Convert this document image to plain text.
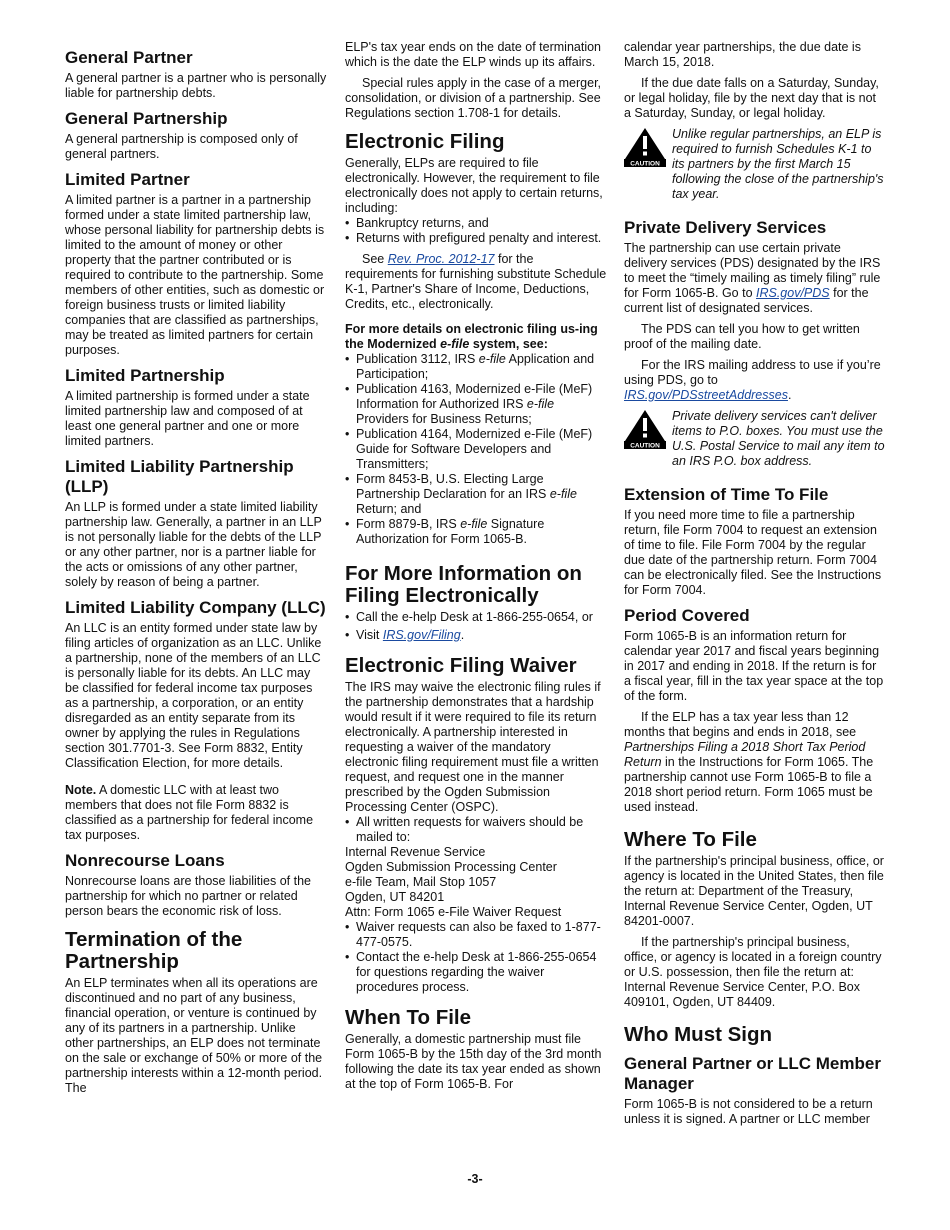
General Partner

A general partner is a partner who is personally liable for partnership debts.

General Partnership

A general partnership is composed only of general partners.

Limited Partner

A limited partner is a partner in a partnership formed under a state limited partnership law, whose personal liability for partnership debts is limited to the amount of money or other property that the partner contributed or is required to contribute to the partnership. Some members of other entities, such as domestic or foreign business trusts or limited liability companies that are classified as partnerships, may be treated as limited partners for certain purposes.

Limited Partnership

A limited partnership is formed under a state limited partnership law and composed of at least one general partner and one or more limited partners.

Limited Liability Partnership (LLP)

An LLP is formed under a state limited liability partnership law. Generally, a partner in an LLP is not personally liable for the debts of the LLP or any other partner, nor is a partner liable for the acts or omissions of any other partner, solely by reason of being a partner.

Limited Liability Company (LLC)

An LLC is an entity formed under state law by filing articles of organization as an LLC. Unlike a partnership, none of the members of an LLC is personally liable for its debts. An LLC may be classified for federal income tax purposes as a partnership, a corporation, or an entity disregarded as an entity separate from its owner by applying the rules in Regulations section 301.7701-3. See Form 8832, Entity Classification Election, for more details.

Note. A domestic LLC with at least two members that does not file Form 8832 is classified as a partnership for federal income tax purposes.

Nonrecourse Loans

Nonrecourse loans are those liabilities of the partnership for which no partner or related person bears the economic risk of loss.

Termination of the Partnership

An ELP terminates when all its operations are discontinued and no part of any business, financial operation, or venture is continued by any of its partners in a partnership. Unlike other partnerships, an ELP does not terminate on the sale or exchange of 50% or more of the partnership interests within a 12-month period. The

ELP's tax year ends on the date of termination which is the date the ELP winds up its affairs.

Special rules apply in the case of a merger, consolidation, or division of a partnership. See Regulations section 1.708-1 for details.

Electronic Filing

Generally, ELPs are required to file electronically. However, the requirement to file electronically does not apply to certain returns, including:

• Bankruptcy returns, and

• Returns with prefigured penalty and interest.

See Rev. Proc. 2012-17 for the requirements for furnishing substitute Schedule K-1, Partner's Share of Income, Deductions, Credits, etc., electronically.

For more details on electronic filing us-ing the Modernized e-file system, see:

• Publication 3112, IRS e-file Application and Participation;

• Publication 4163, Modernized e-File (MeF) Information for Authorized IRS e-file Providers for Business Returns;

• Publication 4164, Modernized e-File (MeF) Guide for Software Developers and Transmitters;

• Form 8453-B, U.S. Electing Large Partnership Declaration for an IRS e-file Return; and

• Form 8879-B, IRS e-file Signature Authorization for Form 1065-B.

For More Information on Filing Electronically

• Call the e-help Desk at 1-866-255-0654, or

• Visit IRS.gov/Filing.

Electronic Filing Waiver

The IRS may waive the electronic filing rules if the partnership demonstrates that a hardship would result if it were required to file its return electronically. A partnership interested in requesting a waiver of the mandatory electronic filing requirement must file a written request, and request one in the manner prescribed by the Ogden Submission Processing Center (OSPC).

• All written requests for waivers should be mailed to:

Internal Revenue Service

Ogden Submission Processing Center

e-file Team, Mail Stop 1057

Ogden, UT 84201

Attn: Form 1065 e-File Waiver Request

• Waiver requests can also be faxed to 1-877-477-0575.

• Contact the e-help Desk at 1-866-255-0654 for questions regarding the waiver procedures process.

When To File

Generally, a domestic partnership must file Form 1065-B by the 15th day of the 3rd month following the date its tax year ended as shown at the top of Form 1065-B. For

calendar year partnerships, the due date is March 15, 2018.

If the due date falls on a Saturday, Sunday, or legal holiday, file by the next day that is not a Saturday, Sunday, or legal holiday.

CAUTION

Unlike regular partnerships, an ELP is required to furnish Schedules K-1 to its partners by the first March 15 following the close of the partnership's tax year.

Private Delivery Services

The partnership can use certain private delivery services (PDS) designated by the IRS to meet the “timely mailing as timely filing” rule for Form 1065-B. Go to IRS.gov/PDS for the current list of designated services.

The PDS can tell you how to get written proof of the mailing date.

For the IRS mailing address to use if you’re using PDS, go to IRS.gov/PDSstreetAddresses.

CAUTION

Private delivery services can't deliver items to P.O. boxes. You must use the U.S. Postal Service to mail any item to an IRS P.O. box address.

Extension of Time To File

If you need more time to file a partnership return, file Form 7004 to request an extension of time to file. File Form 7004 by the regular due date of the partnership return. Form 7004 can be electronically filed. See the Instructions for Form 7004.

Period Covered

Form 1065-B is an information return for calendar year 2017 and fiscal years beginning in 2017 and ending in 2018. If the return is for a fiscal year, fill in the tax year space at the top of the form.

If the ELP has a tax year less than 12 months that begins and ends in 2018, see Partnerships Filing a 2018 Short Tax Period Return in the Instructions for Form 1065. The partnership cannot use Form 1065-B to file a 2018 short period return. Form 1065 must be used instead.

Where To File

If the partnership's principal business, office, or agency is located in the United States, then file the return at: Department of the Treasury, Internal Revenue Service Center, Ogden, UT 84201-0007.

If the partnership's principal business, office, or agency is located in a foreign country or U.S. possession, then file the return at: Internal Revenue Service Center, P.O. Box 409101, Ogden, UT 84409.

Who Must Sign
General Partner or LLC Member Manager

Form 1065-B is not considered to be a return unless it is signed. A partner or LLC member

-3-
